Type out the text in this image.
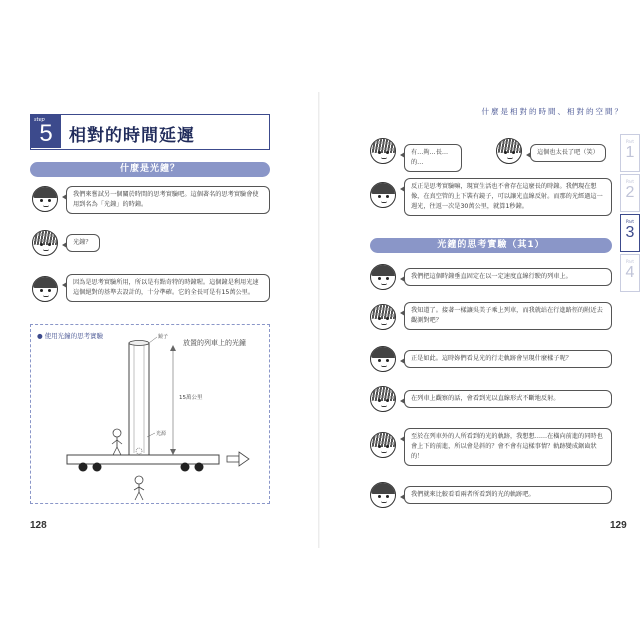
step
5 相對的時間延遲
什麼是光鐘？
我們來嘗試另一個關於時間的思考實驗吧。這個著名的思考實驗會使用到名為「光鐘」的時鐘。
光鐘？
因為是思考實驗所用，所以是有點奇特的時鐘喔。這個鐘是利用光速這個絕對的基準去設計的，十分準確。它的全長可是有15萬公里。
● 使用光鐘的思考實驗	鏡子
放置的列車上的光鐘
15萬公里
光源
128
什麼是相對的時間、相對的空間？
有…夠…長…的…
這個也太長了吧（笑）
反正是思考實驗嘛，現實生活也不會存在這麼長的時鐘。我們現在想像，在真空管的上下裝有鏡子，可以讓光直線反射。而那的光經過這一週光，往返一次是30萬公里，就算1秒鐘。
光鐘的思考實驗（其1）
我們把這個時鐘垂直固定在以一定速度直線行駛的列車上。
我知道了。接著一樣讓吳美子乘上列車，而我就站在行進路徑的附近去觀測對吧？
正是如此。這時妳們看見光的行走軌跡會呈現什麼樣子呢？
在列車上觀察的話，會看到光以直線形式不斷地反射。
至於在列車外的人所看到的光的軌跡，我想想……在橫向前進的同時也會上下的前進，所以會是斜的？會不會有這樣事情？軌跡變成鋸齒狀的！
我們就來比較看看兩者所看到的光的軌跡吧。
129
Part
1
Part
2
Part
3
Part
4
